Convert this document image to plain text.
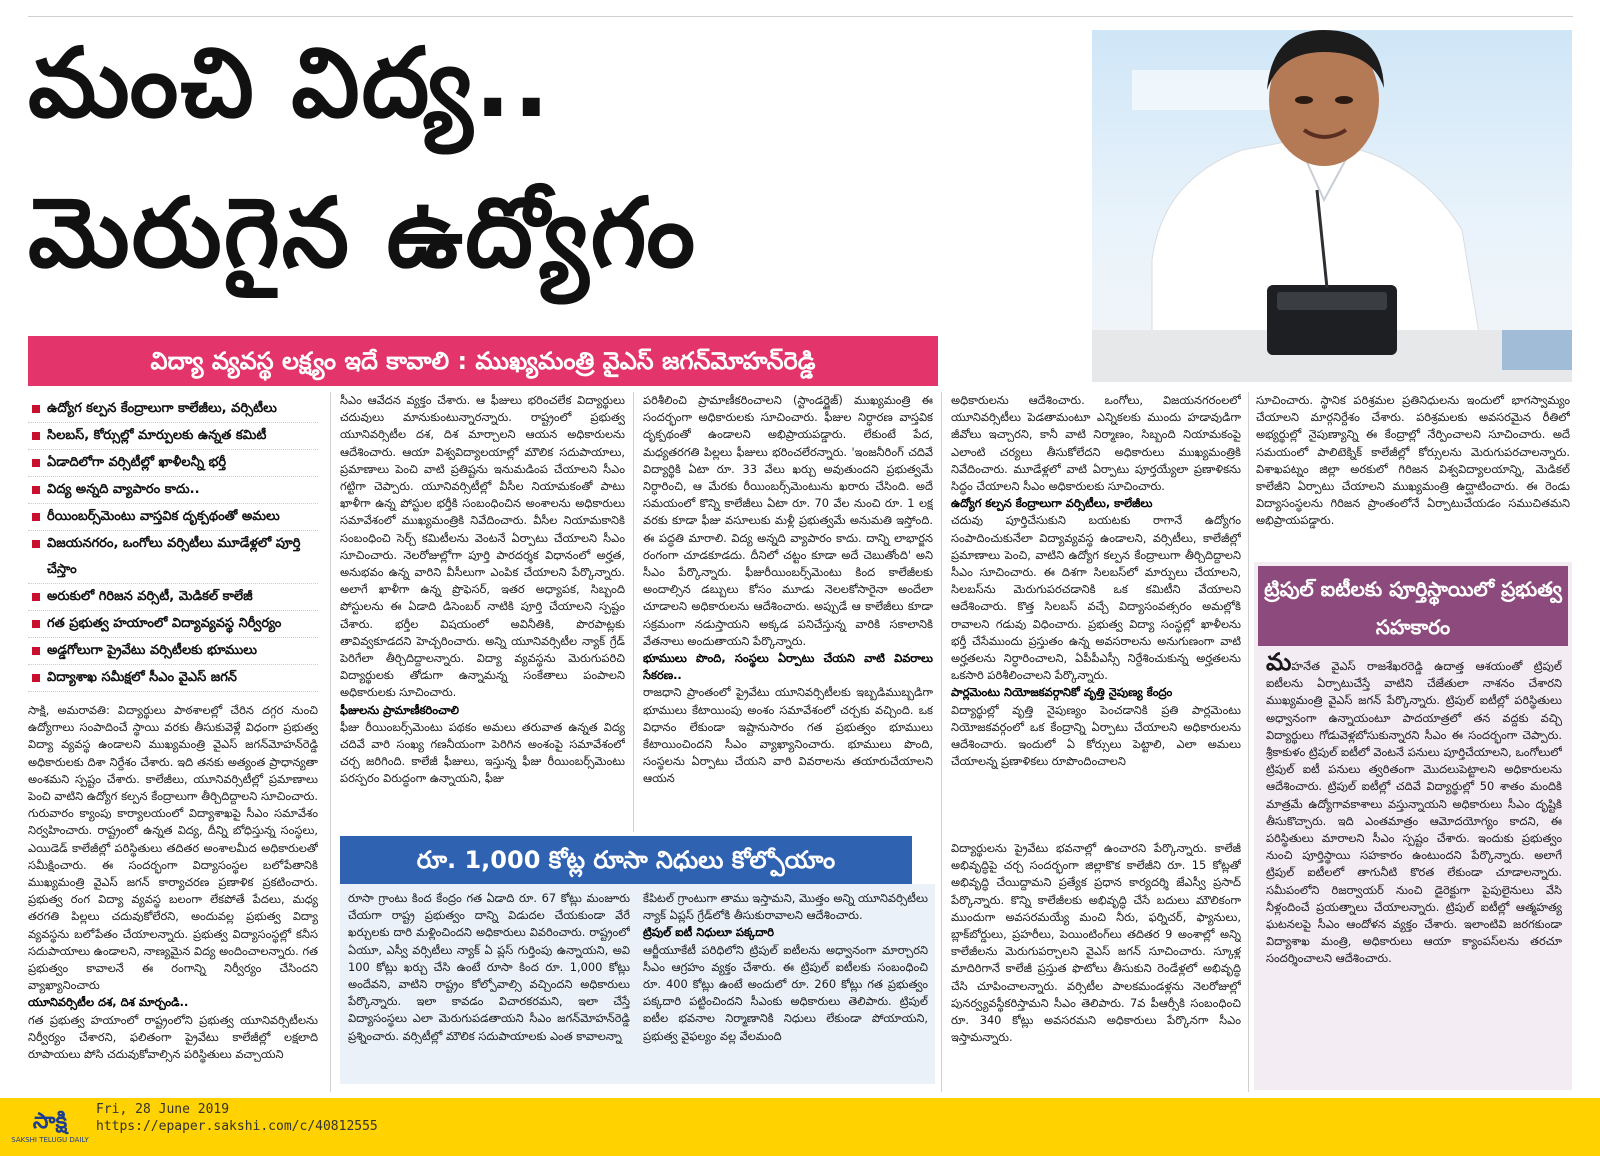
మంచి విద్య..
మెరుగైన ఉద్యోగం
విద్యా వ్యవస్థ లక్ష్యం ఇదే కావాలి : ముఖ్యమంత్రి వైఎస్ జగన్‌మోహన్‌రెడ్డి
ఉద్యోగ కల్పన కేంద్రాలుగా కాలేజీలు, వర్సిటీలు
సిలబస్, కోర్సుల్లో మార్పులకు ఉన్నత కమిటీ
ఏడాదిలోగా వర్సిటీల్లో ఖాళీలన్నీ భర్తీ
విద్య అన్నది వ్యాపారం కాదు..
రీయింబర్స్‌మెంటు వాస్తవిక దృక్పథంతో అమలు
విజయనగరం, ఒంగోలు వర్సిటీలు మూడేళ్లలో పూర్తి చేస్తాం
అరుకులో గిరిజన వర్సిటీ, మెడికల్ కాలేజీ
గత ప్రభుత్వ హయాంలో విద్యావ్యవస్థ నిర్వీర్యం
అడ్డగోలుగా ప్రైవేటు వర్సిటీలకు భూములు
విద్యాశాఖ సమీక్షలో సీఎం వైఎస్ జగన్

సాక్షి, అమరావతి: విద్యార్థులు పాఠశాలల్లో చేరిన దగ్గర నుంచి ఉద్యోగాలు సంపాదించే స్థాయి వరకు తీసుకువెళ్లే విధంగా ప్రభుత్వ విద్యా వ్యవస్థ ఉండాలని ముఖ్యమంత్రి వైఎస్ జగన్‌మోహన్‌రెడ్డి అధికారులకు దిశా నిర్దేశం చేశారు. ఇది తనకు అత్యంత ప్రాధాన్యతా అంశమని స్పష్టం చేశారు. కాలేజీలు, యూనివర్సిటీల్లో ప్రమాణాలు పెంచి వాటిని ఉద్యోగ కల్పన కేంద్రాలుగా తీర్చిదిద్దాలని సూచించారు. గురువారం క్యాంపు కార్యాలయంలో విద్యాశాఖపై సీఎం సమావేశం నిర్వహించారు. రాష్ట్రంలో ఉన్నత విద్య, దీన్ని బోధిస్తున్న సంస్థలు, ఎయిడెడ్ కాలేజీల్లో పరిస్థితులు తదితర అంశాలమీద అధికారులతో సమీక్షించారు. ఈ సందర్భంగా విద్యాసంస్థల బలోపేతానికి ముఖ్యమంత్రి వైఎస్ జగన్ కార్యాచరణ ప్రణాళిక ప్రకటించారు. ప్రభుత్వ రంగ విద్యా వ్యవస్థ బలంగా లేకపోతే పేదలు, మధ్య తరగతి పిల్లలు చదువుకోలేరని, అందువల్ల ప్రభుత్వ విద్యా వ్యవస్థను బలోపేతం చేయాలన్నారు. ప్రభుత్వ విద్యాసంస్థల్లో కనీస సదుపాయాలు ఉండాలని, నాణ్యమైన విద్య అందించాలన్నారు. గత ప్రభుత్వం కావాలనే ఈ రంగాన్ని నిర్వీర్యం చేసిందని వ్యాఖ్యానించారు

యూనివర్సిటీల దశ, దిశ మార్చండి..

గత ప్రభుత్వ హయాంలో రాష్ట్రంలోని ప్రభుత్వ యూనివర్సిటీలను నిర్వీర్యం చేశారని, ఫలితంగా ప్రైవేటు కాలేజీల్లో లక్షలాది రూపాయలు పోసి చదువుకోవాల్సిన పరిస్థితులు వచ్చాయని

సీఎం ఆవేదన వ్యక్తం చేశారు. ఆ ఫీజులు భరించలేక విద్యార్థులు చదువులు మానుకుంటున్నారన్నారు. రాష్ట్రంలో ప్రభుత్వ యూనివర్సిటీల దశ, దిశ మార్చాలని ఆయన అధికారులను ఆదేశించారు. ఆయా విశ్వవిద్యాలయాల్లో మౌలిక సదుపాయాలు, ప్రమాణాలు పెంచి వాటి ప్రతిష్టను ఇనుమడింప చేయాలని సీఎం గట్టిగా చెప్పారు. యూనివర్సిటీల్లో వీసీల నియామకంతో పాటు ఖాళీగా ఉన్న పోస్టుల భర్తీకి సంబంధించిన అంశాలను అధికారులు సమావేశంలో ముఖ్యమంత్రికి నివేదించారు. వీసీల నియామకానికి సంబంధించి సెర్చ్ కమిటీలను వెంటనే ఏర్పాటు చేయాలని సీఎం సూచించారు. నెలరోజుల్లోగా పూర్తి పారదర్శక విధానంలో అర్హత, అనుభవం ఉన్న వారిని వీసీలుగా ఎంపిక చేయాలని పేర్కొన్నారు. అలాగే ఖాళీగా ఉన్న ప్రొఫెసర్, ఇతర అధ్యాపక, సిబ్బంది పోస్టులను ఈ ఏడాది డిసెంబర్ నాటికి పూర్తి చేయాలని స్పష్టం చేశారు. భర్తీల విషయంలో అవినీతికి, పొరపాట్లకు తావివ్వకూడదని హెచ్చరించారు. అన్ని యూనివర్సిటీల న్యాక్ గ్రేడ్ పెరిగేలా తీర్చిదిద్దాలన్నారు. విద్యా వ్యవస్థను మెరుగుపరిచి విద్యార్థులకు తోడుగా ఉన్నామన్న సంకేతాలు పంపాలని అధికారులకు సూచించారు.

ఫీజులను ప్రామాణీకరించాలి

ఫీజు రీయింబర్స్‌మెంటు పథకం అమలు తరువాత ఉన్నత విద్య చదివే వారి సంఖ్య గణనీయంగా పెరిగిన అంశంపై సమావేశంలో చర్చ జరిగింది. కాలేజీ ఫీజులు, ఇస్తున్న ఫీజు రీయింబర్స్‌మెంటు పరస్పరం విరుద్ధంగా ఉన్నాయని, ఫీజు

పరిశీలించి ప్రామాణీకరించాలని (స్టాండర్డైజ్) ముఖ్యమంత్రి ఈ సందర్భంగా అధికారులకు సూచించారు. ఫీజుల నిర్ధారణ వాస్తవిక దృక్పథంతో ఉండాలని అభిప్రాయపడ్డారు. లేకుంటే పేద, మధ్యతరగతి పిల్లలు ఫీజులు భరించలేరన్నారు. 'ఇంజనీరింగ్ చదివే విద్యార్థికి ఏటా రూ. 33 వేలు ఖర్చు అవుతుందని ప్రభుత్వమే నిర్ధారించి, ఆ మేరకు రీయింబర్స్‌మెంటును ఖరారు చేసింది. అదే సమయంలో కొన్ని కాలేజీలు ఏటా రూ. 70 వేల నుంచి రూ. 1 లక్ష వరకు కూడా ఫీజు వసూలుకు మళ్లీ ప్రభుత్వమే అనుమతి ఇస్తోంది. ఈ పద్ధతి మారాలి. విద్య అన్నది వ్యాపారం కాదు. దాన్ని లాభార్జన రంగంగా చూడకూడదు. దీనిలో చట్టం కూడా అదే చెబుతోంది' అని సీఎం పేర్కొన్నారు. ఫీజురీయింబర్స్‌మెంటు కింద కాలేజీలకు అందాల్సిన డబ్బులు కోసం మూడు నెలలకోసారైనా అందేలా చూడాలని అధికారులను ఆదేశించారు. అప్పుడే ఆ కాలేజీలు కూడా సక్రమంగా నడుస్తాయని అక్కడ పనిచేస్తున్న వారికి సకాలానికి వేతనాలు అందుతాయని పేర్కొన్నారు.

భూములు పొంది, సంస్థలు ఏర్పాటు చేయని వాటి వివరాలు సేకరణ..

రాజధాని ప్రాంతంలో ప్రైవేటు యూనివర్సిటీలకు ఇబ్బడిముబ్బడిగా భూములు కేటాయింపు అంశం సమావేశంలో చర్చకు వచ్చింది. ఒక విధానం లేకుండా ఇష్టానుసారం గత ప్రభుత్వం భూములు కేటాయించిందని సీఎం వ్యాఖ్యానించారు. భూములు పొంది, సంస్థలను ఏర్పాటు చేయని వారి వివరాలను తయారుచేయాలని ఆయన

అధికారులను ఆదేశించారు. ఒంగోలు, విజయనగరంలలో యూనివర్సిటీలు పెడతామంటూ ఎన్నికలకు ముందు హడావుడిగా జీవోలు ఇచ్చారని, కానీ వాటి నిర్మాణం, సిబ్బంది నియామకంపై ఎలాంటి చర్యలు తీసుకోలేదని అధికారులు ముఖ్యమంత్రికి నివేదించారు. మూడేళ్లలో వాటి ఏర్పాటు పూర్తయ్యేలా ప్రణాళికను సిద్ధం చేయాలని సీఎం అధికారులకు సూచించారు.

ఉద్యోగ కల్పన కేంద్రాలుగా వర్సిటీలు, కాలేజీలు

చదువు పూర్తిచేసుకుని బయటకు రాగానే ఉద్యోగం సంపాదించుకునేలా విద్యావ్యవస్థ ఉండాలని, వర్సిటీలు, కాలేజీల్లో ప్రమాణాలు పెంచి, వాటిని ఉద్యోగ కల్పన కేంద్రాలుగా తీర్చిదిద్దాలని సీఎం సూచించారు. ఈ దిశగా సిలబస్‌లో మార్పులు చేయాలని, సిలబస్‌ను మెరుగుపరచడానికి ఒక కమిటీని వేయాలని ఆదేశించారు. కొత్త సిలబస్ వచ్చే విద్యాసంవత్సరం అమల్లోకి రావాలని గడువు విధించారు. ప్రభుత్వ విద్యా సంస్థల్లో ఖాళీలను భర్తీ చేసేముందు ప్రస్తుతం ఉన్న అవసరాలను అనుగుణంగా వాటి అర్హతలను నిర్ధారించాలని, ఏపీపీఎస్సీ నిర్దేశించుకున్న అర్హతలను ఒకసారి పరిశీలించాలని పేర్కొన్నారు.

పార్లమెంటు నియోజకవర్గానికో వృత్తి నైపుణ్య కేంద్రం

విద్యార్థుల్లో వృత్తి నైపుణ్యం పెంచడానికి ప్రతి పార్లమెంటు నియోజకవర్గంలో ఒక కేంద్రాన్ని ఏర్పాటు చేయాలని అధికారులను ఆదేశించారు. ఇందులో ఏ కోర్సులు పెట్టాలి, ఎలా అమలు చేయాలన్న ప్రణాళికలు రూపొందించాలని

విద్యార్థులను ప్రైవేటు భవనాల్లో ఉంచారని పేర్కొన్నారు. కాలేజీ అభివృద్ధిపై చర్చ సందర్భంగా జిల్లాకొక కాలేజీని రూ. 15 కోట్లతో అభివృద్ధి చేయిద్దామని ప్రత్యేక ప్రధాన కార్యదర్శి జేఎస్వీ ప్రసాద్ పేర్కొన్నారు. కొన్ని కాలేజీలకు అభివృద్ధి చేసే బదులు మౌలికంగా ముందుగా అవసరమయ్యే మంచి నీరు, ఫర్నిచర్, ఫ్యానులు, బ్లాక్‌బోర్డులు, ప్రహరీలు, పెయింటింగ్‌లు తదితర 9 అంశాల్లో అన్ని కాలేజీలను మెరుగుపర్చాలని వైఎస్ జగన్ సూచించారు. స్కూళ్ల మాదిరిగానే కాలేజీ ప్రస్తుత ఫొటోలు తీసుకుని రెండేళ్లలో అభివృద్ధి చేసి చూపించాలన్నారు. వర్సిటీల పాలకమండళ్లను నెలరోజుల్లో పునర్వ్యవస్థీకరిస్తామని సీఎం తెలిపారు. 7వ పీఆర్సీకి సంబంధించి రూ. 340 కోట్లు అవసరమని అధికారులు పేర్కొనగా సీఎం ఇస్తామన్నారు.

సూచించారు. స్థానిక పరిశ్రమల ప్రతినిధులను ఇందులో భాగస్వామ్యం చేయాలని మార్గనిర్దేశం చేశారు. పరిశ్రమలకు అవసరమైన రీతిలో అభ్యర్థుల్లో నైపుణ్యాన్ని ఈ కేంద్రాల్లో నేర్పించాలని సూచించారు. అదే సమయంలో పాలిటెక్నిక్ కాలేజీల్లో కోర్సులను మెరుగుపరచాలన్నారు. విశాఖపట్నం జిల్లా అరకులో గిరిజన విశ్వవిద్యాలయాన్ని, మెడికల్ కాలేజీని ఏర్పాటు చేయాలని ముఖ్యమంత్రి ఉద్ఘాటించారు. ఈ రెండు విద్యాసంస్థలను గిరిజన ప్రాంతంలోనే ఏర్పాటుచేయడం సముచితమని అభిప్రాయపడ్డారు.

రూ. 1,000 కోట్ల రూసా నిధులు కోల్పోయాం

రూసా గ్రాంటు కింద కేంద్రం గత ఏడాది రూ. 67 కోట్లు మంజూరు చేయగా రాష్ట్ర ప్రభుత్వం దాన్ని విడుదల చేయకుండా వేరే ఖర్చులకు దారి మళ్లించిందని అధికారులు వివరించారు. రాష్ట్రంలో ఏయూ, ఎస్వీ వర్సిటీలు న్యాక్ ఏ ప్లస్ గుర్తింపు ఉన్నాయని, అవి 100 కోట్లు ఖర్చు చేసి ఉంటే రూసా కింద రూ. 1,000 కోట్లు అందేవని, వాటిని రాష్ట్రం కోల్పోవాల్సి వచ్చిందని అధికారులు పేర్కొన్నారు. ఇలా కావడం విచారకరమని, ఇలా చేస్తే విద్యాసంస్థలు ఎలా మెరుగుపడతాయని సీఎం జగన్‌మోహన్‌రెడ్డి ప్రశ్నించారు. వర్సిటీల్లో మౌలిక సదుపాయాలకు ఎంత కావాలన్నా

కేపిటల్ గ్రాంటుగా తాము ఇస్తామని, మొత్తం అన్ని యూనివర్సిటీలు న్యాక్ ఏప్లస్ గ్రేడ్‌లోకి తీసుకురావాలని ఆదేశించారు.

ట్రిపుల్ ఐటీ నిధులూ పక్కదారి

ఆర్జీయూకేటీ పరిధిలోని ట్రిపుల్ ఐటీలను అధ్వానంగా మార్చారని సీఎం ఆగ్రహం వ్యక్తం చేశారు. ఈ ట్రిపుల్ ఐటీలకు సంబంధించి రూ. 400 కోట్లు ఉంటే అందులో రూ. 260 కోట్లు గత ప్రభుత్వం పక్కదారి పట్టించిందని సీఎంకు అధికారులు తెలిపారు. ట్రిపుల్ ఐటీల భవనాల నిర్మాణానికి నిధులు లేకుండా పోయాయని, ప్రభుత్వ వైఫల్యం వల్ల వేలమంది

ట్రిపుల్ ఐటీలకు పూర్తిస్థాయిలో ప్రభుత్వ సహకారం

మహనేత వైఎస్ రాజశేఖరరెడ్డి ఉదాత్త ఆశయంతో ట్రిపుల్ ఐటీలను ఏర్పాటుచేస్తే వాటిని చేజేతులా నాశనం చేశారని ముఖ్యమంత్రి వైఎస్ జగన్ పేర్కొన్నారు. ట్రిపుల్ ఐటీల్లో పరిస్థితులు అధ్వానంగా ఉన్నాయంటూ పాదయాత్రలో తన వద్దకు వచ్చి విద్యార్థులు గోడువెళ్లబోసుకున్నారని సీఎం ఈ సందర్భంగా చెప్పారు. శ్రీకాకుళం ట్రిపుల్ ఐటీలో వెంటనే పనులు పూర్తిచేయాలని, ఒంగోలులో ట్రిపుల్ ఐటీ పనులు త్వరితంగా మొదలుపెట్టాలని అధికారులను ఆదేశించారు. ట్రిపుల్ ఐటీల్లో చదివే విద్యార్థుల్లో 50 శాతం మందికి మాత్రమే ఉద్యోగావకాశాలు వస్తున్నాయని అధికారులు సీఎం దృష్టికి తీసుకొచ్చారు. ఇది ఎంతమాత్రం ఆమోదయోగ్యం కాదని, ఈ పరిస్థితులు మారాలని సీఎం స్పష్టం చేశారు. ఇందుకు ప్రభుత్వం నుంచి పూర్తిస్థాయి సహకారం ఉంటుందని పేర్కొన్నారు. అలాగే ట్రిపుల్ ఐటీలలో తాగునీటి కొరత లేకుండా చూడాలన్నారు. సమీపంలోని రిజర్వాయర్ నుంచి డైరెక్టుగా పైపులైనులు వేసి నీళ్లందించే ప్రయత్నాలు చేయాలన్నారు. ట్రిపుల్ ఐటీల్లో ఆత్మహత్య ఘటనలపై సీఎం ఆందోళన వ్యక్తం చేశారు. ఇలాంటివి జరగకుండా విద్యాశాఖ మంత్రి, అధికారులు ఆయా క్యాంపస్‌లను తరచూ సందర్శించాలని ఆదేశించారు.

సాక్షి
SAKSHI TELUGU DAILY
Fri, 28 June 2019
https://epaper.sakshi.com/c/40812555
